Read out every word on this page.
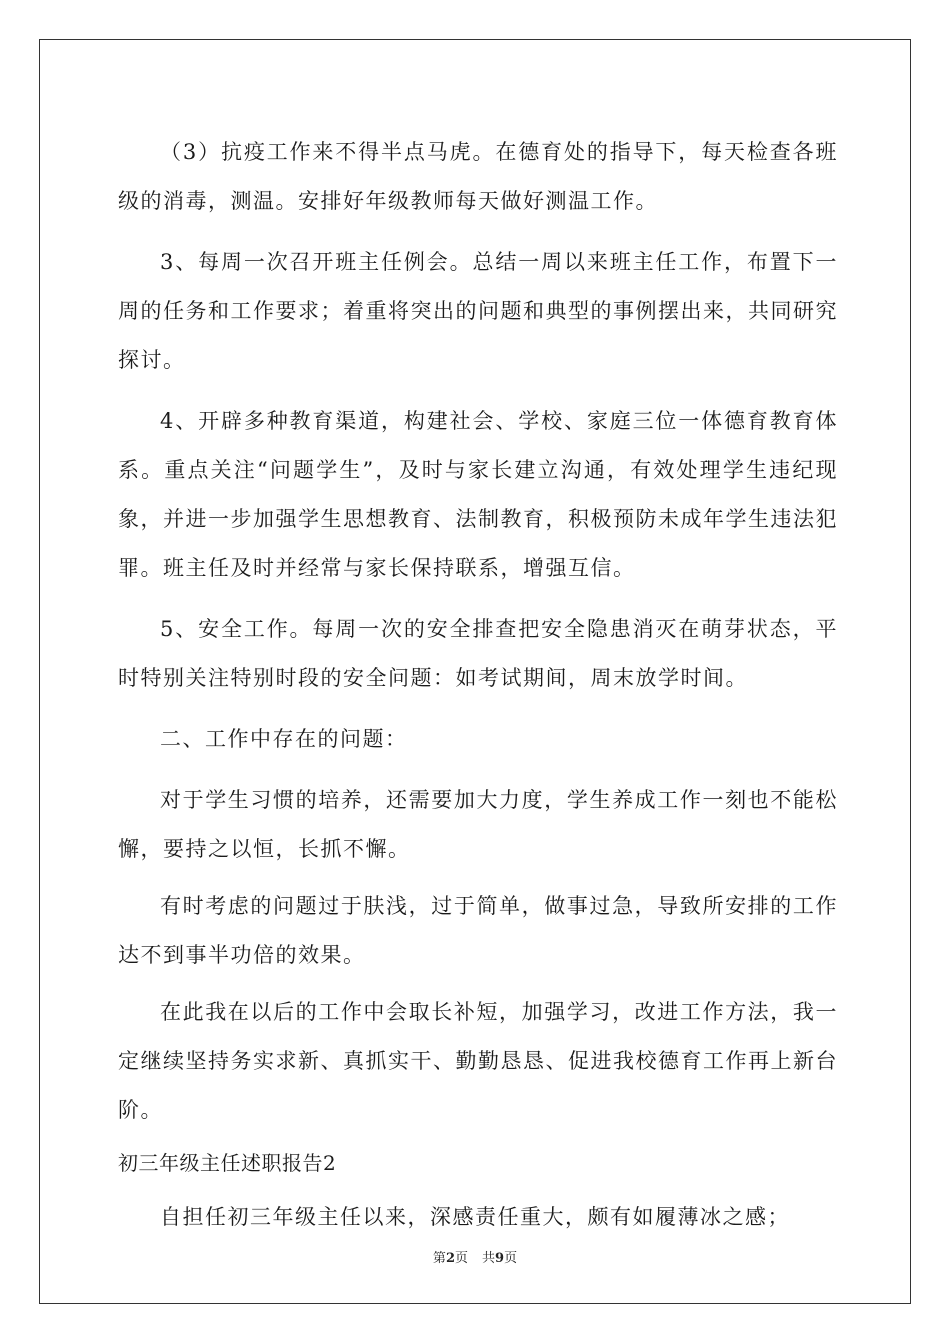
（3）抗疫工作来不得半点马虎。在德育处的指导下，每天检查各班级的消毒，测温。安排好年级教师每天做好测温工作。

3、每周一次召开班主任例会。总结一周以来班主任工作，布置下一周的任务和工作要求；着重将突出的问题和典型的事例摆出来，共同研究探讨。

4、开辟多种教育渠道，构建社会、学校、家庭三位一体德育教育体系。重点关注“问题学生”，及时与家长建立沟通，有效处理学生违纪现象，并进一步加强学生思想教育、法制教育，积极预防未成年学生违法犯罪。班主任及时并经常与家长保持联系，增强互信。

5、安全工作。每周一次的安全排查把安全隐患消灭在萌芽状态，平时特别关注特别时段的安全问题：如考试期间，周末放学时间。

二、工作中存在的问题：

对于学生习惯的培养，还需要加大力度，学生养成工作一刻也不能松懈，要持之以恒，长抓不懈。

有时考虑的问题过于肤浅，过于简单，做事过急，导致所安排的工作达不到事半功倍的效果。

在此我在以后的工作中会取长补短，加强学习，改进工作方法，我一定继续坚持务实求新、真抓实干、勤勤恳恳、促进我校德育工作再上新台阶。

初三年级主任述职报告2

自担任初三年级主任以来，深感责任重大，颇有如履薄冰之感；

第2页 共9页
